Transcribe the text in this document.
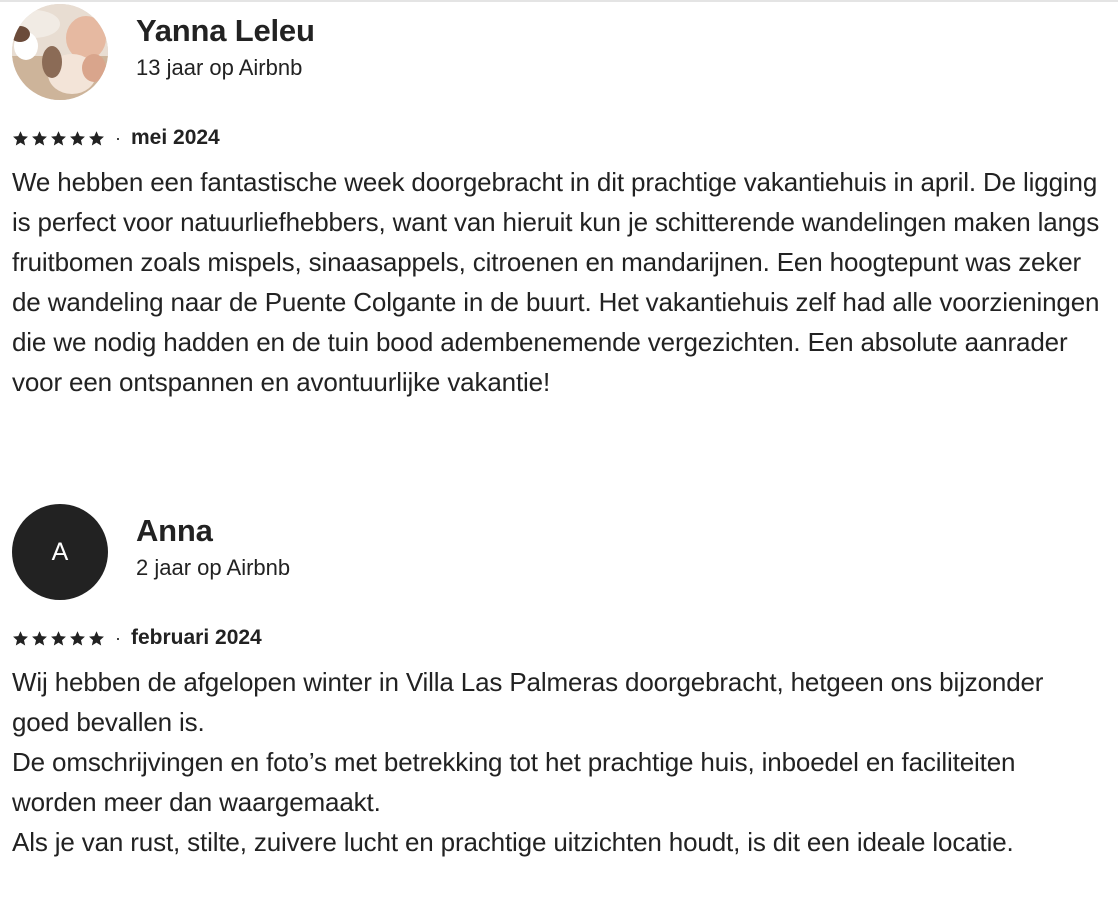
Yanna Leleu
13 jaar op Airbnb
· mei 2024
We hebben een fantastische week doorgebracht in dit prachtige vakantiehuis in april. De ligging is perfect voor natuurliefhebbers, want van hieruit kun je schitterende wandelingen maken langs fruitbomen zoals mispels, sinaasappels, citroenen en mandarijnen. Een hoogtepunt was zeker de wandeling naar de Puente Colgante in de buurt. Het vakantiehuis zelf had alle voorzieningen die we nodig hadden en de tuin bood adembenemende vergezichten. Een absolute aanrader voor een ontspannen en avontuurlijke vakantie!
A
Anna
2 jaar op Airbnb
· februari 2024
Wij hebben de afgelopen winter in Villa Las Palmeras doorgebracht, hetgeen ons bijzonder goed bevallen is.
De omschrijvingen en foto’s met betrekking tot het prachtige huis, inboedel en faciliteiten worden meer dan waargemaakt.
Als je van rust, stilte, zuivere lucht en prachtige uitzichten houdt, is dit een ideale locatie.
